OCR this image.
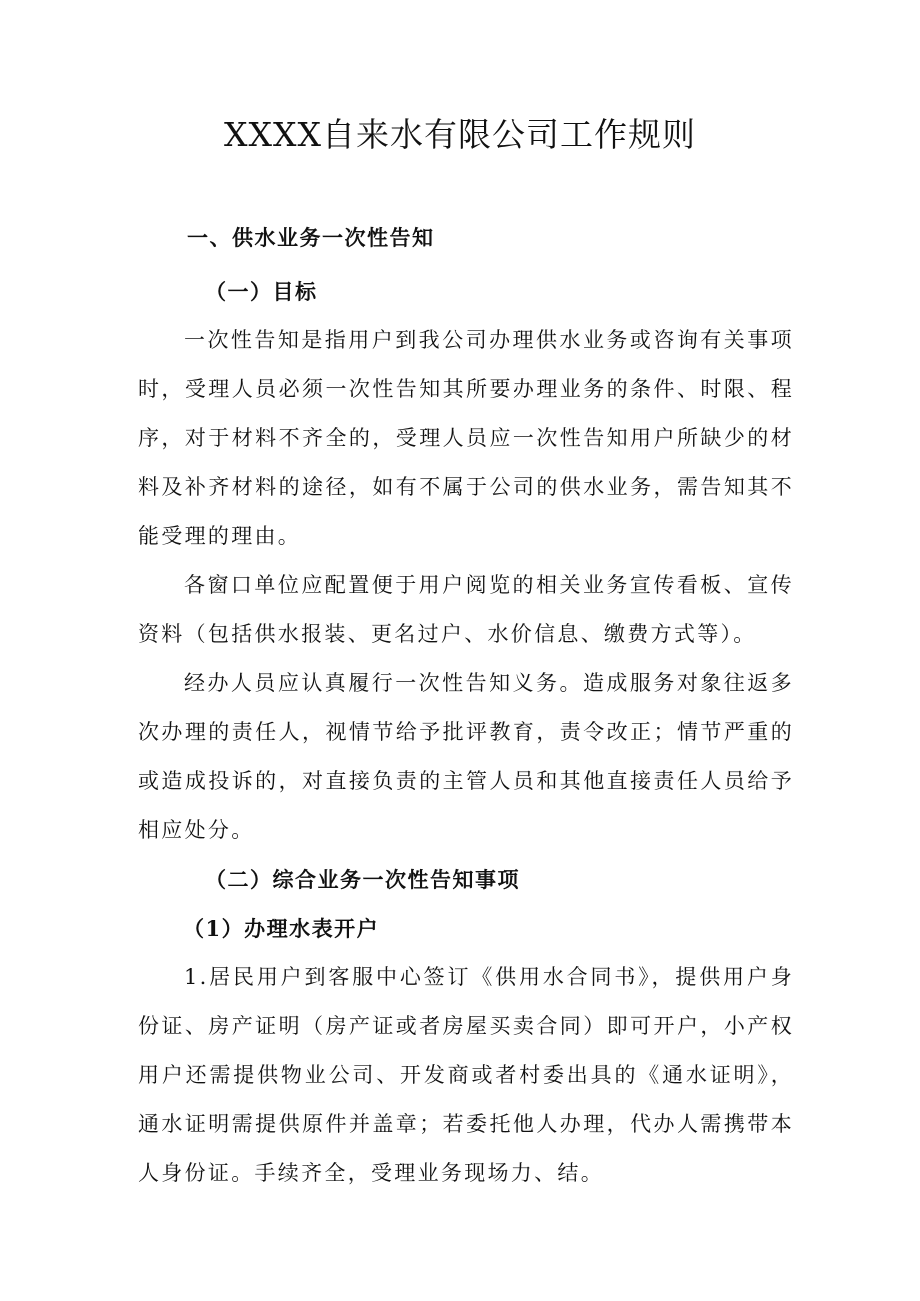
XXXX自来水有限公司工作规则

一、供水业务一次性告知

（一）目标

一次性告知是指用户到我公司办理供水业务或咨询有关事项时，受理人员必须一次性告知其所要办理业务的条件、时限、程序，对于材料不齐全的，受理人员应一次性告知用户所缺少的材料及补齐材料的途径，如有不属于公司的供水业务，需告知其不能受理的理由。

各窗口单位应配置便于用户阅览的相关业务宣传看板、宣传资料（包括供水报装、更名过户、水价信息、缴费方式等）。

经办人员应认真履行一次性告知义务。造成服务对象往返多次办理的责任人，视情节给予批评教育，责令改正；情节严重的或造成投诉的，对直接负责的主管人员和其他直接责任人员给予相应处分。

（二）综合业务一次性告知事项

（1）办理水表开户

1.居民用户到客服中心签订《供用水合同书》，提供用户身份证、房产证明（房产证或者房屋买卖合同）即可开户，小产权用户还需提供物业公司、开发商或者村委出具的《通水证明》，通水证明需提供原件并盖章；若委托他人办理，代办人需携带本人身份证。手续齐全，受理业务现场力、结。
